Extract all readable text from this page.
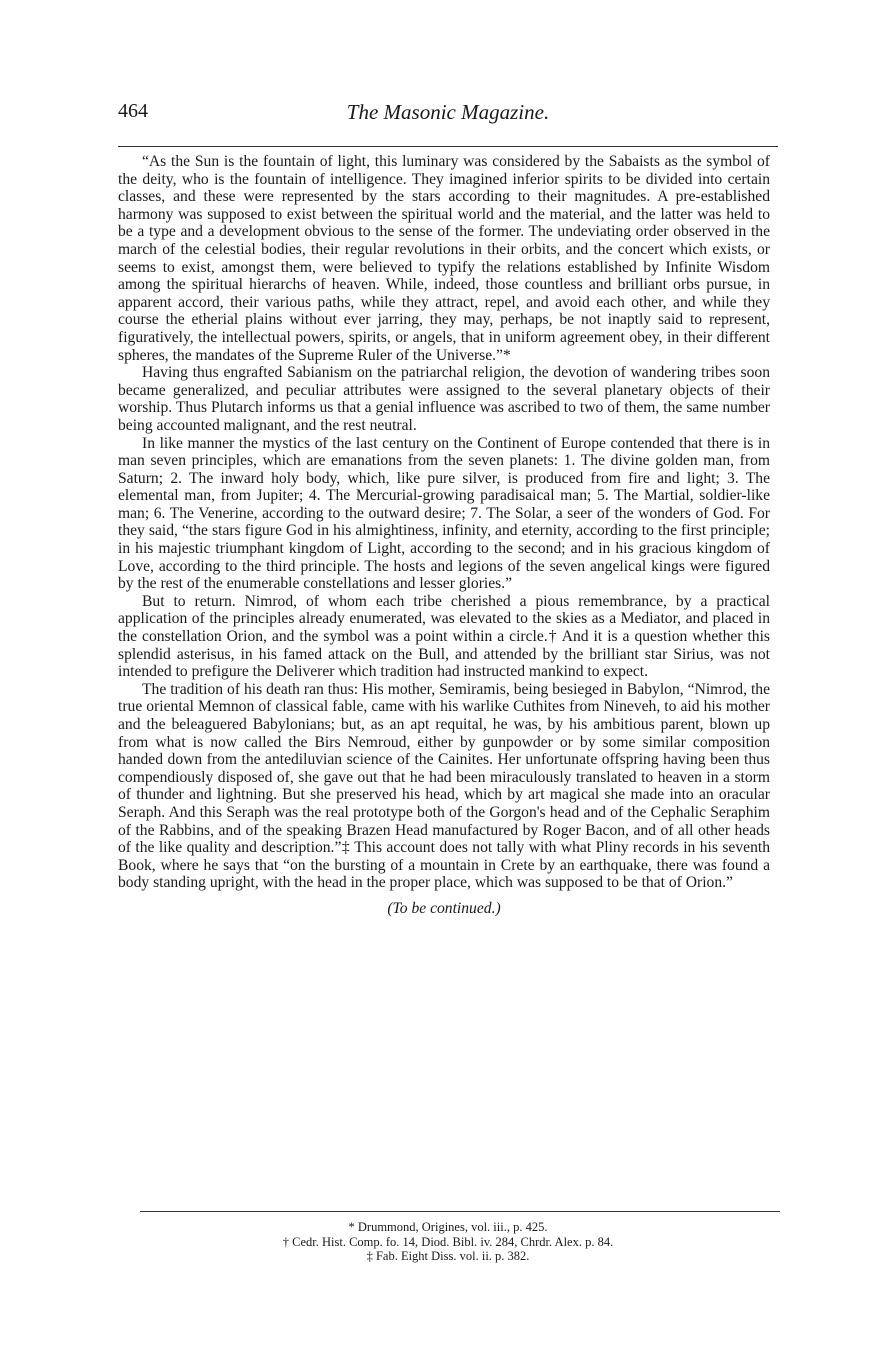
464	The Masonic Magazine.

“As the Sun is the fountain of light, this luminary was considered by the Sabaists as the symbol of the deity, who is the fountain of intelligence. They imagined inferior spirits to be divided into certain classes, and these were represented by the stars according to their magnitudes. A pre-established harmony was supposed to exist between the spiritual world and the material, and the latter was held to be a type and a development obvious to the sense of the former. The undeviating order observed in the march of the celestial bodies, their regular revolutions in their orbits, and the concert which exists, or seems to exist, amongst them, were believed to typify the relations established by Infinite Wisdom among the spiritual hierarchs of heaven. While, indeed, those countless and brilliant orbs pursue, in apparent accord, their various paths, while they attract, repel, and avoid each other, and while they course the etherial plains without ever jarring, they may, perhaps, be not inaptly said to represent, figuratively, the intellectual powers, spirits, or angels, that in uniform agreement obey, in their different spheres, the mandates of the Supreme Ruler of the Universe.”*

Having thus engrafted Sabianism on the patriarchal religion, the devotion of wandering tribes soon became generalized, and peculiar attributes were assigned to the several planetary objects of their worship. Thus Plutarch informs us that a genial influence was ascribed to two of them, the same number being accounted malignant, and the rest neutral.

In like manner the mystics of the last century on the Continent of Europe contended that there is in man seven principles, which are emanations from the seven planets: 1. The divine golden man, from Saturn; 2. The inward holy body, which, like pure silver, is produced from fire and light; 3. The elemental man, from Jupiter; 4. The Mercurial-growing paradisaical man; 5. The Martial, soldier-like man; 6. The Venerine, according to the outward desire; 7. The Solar, a seer of the wonders of God. For they said, “the stars figure God in his almightiness, infinity, and eternity, according to the first principle; in his majestic triumphant kingdom of Light, according to the second; and in his gracious kingdom of Love, according to the third principle. The hosts and legions of the seven angelical kings were figured by the rest of the enumerable constellations and lesser glories.”

But to return. Nimrod, of whom each tribe cherished a pious remembrance, by a practical application of the principles already enumerated, was elevated to the skies as a Mediator, and placed in the constellation Orion, and the symbol was a point within a circle.† And it is a question whether this splendid asterisus, in his famed attack on the Bull, and attended by the brilliant star Sirius, was not intended to prefigure the Deliverer which tradition had instructed mankind to expect.

The tradition of his death ran thus: His mother, Semiramis, being besieged in Babylon, “Nimrod, the true oriental Memnon of classical fable, came with his warlike Cuthites from Nineveh, to aid his mother and the beleaguered Babylonians; but, as an apt requital, he was, by his ambitious parent, blown up from what is now called the Birs Nemroud, either by gunpowder or by some similar composition handed down from the antediluvian science of the Cainites. Her unfortunate offspring having been thus compendiously disposed of, she gave out that he had been miraculously translated to heaven in a storm of thunder and lightning. But she preserved his head, which by art magical she made into an oracular Seraph. And this Seraph was the real prototype both of the Gorgon's head and of the Cephalic Seraphim of the Rabbins, and of the speaking Brazen Head manufactured by Roger Bacon, and of all other heads of the like quality and description.”‡ This account does not tally with what Pliny records in his seventh Book, where he says that “on the bursting of a mountain in Crete by an earthquake, there was found a body standing upright, with the head in the proper place, which was supposed to be that of Orion.”

(To be continued.)
* Drummond, Origines, vol. iii., p. 425.
† Cedr. Hist. Comp. fo. 14, Diod. Bibl. iv. 284, Chrdr. Alex. p. 84.
‡ Fab. Eight Diss. vol. ii. p. 382.
